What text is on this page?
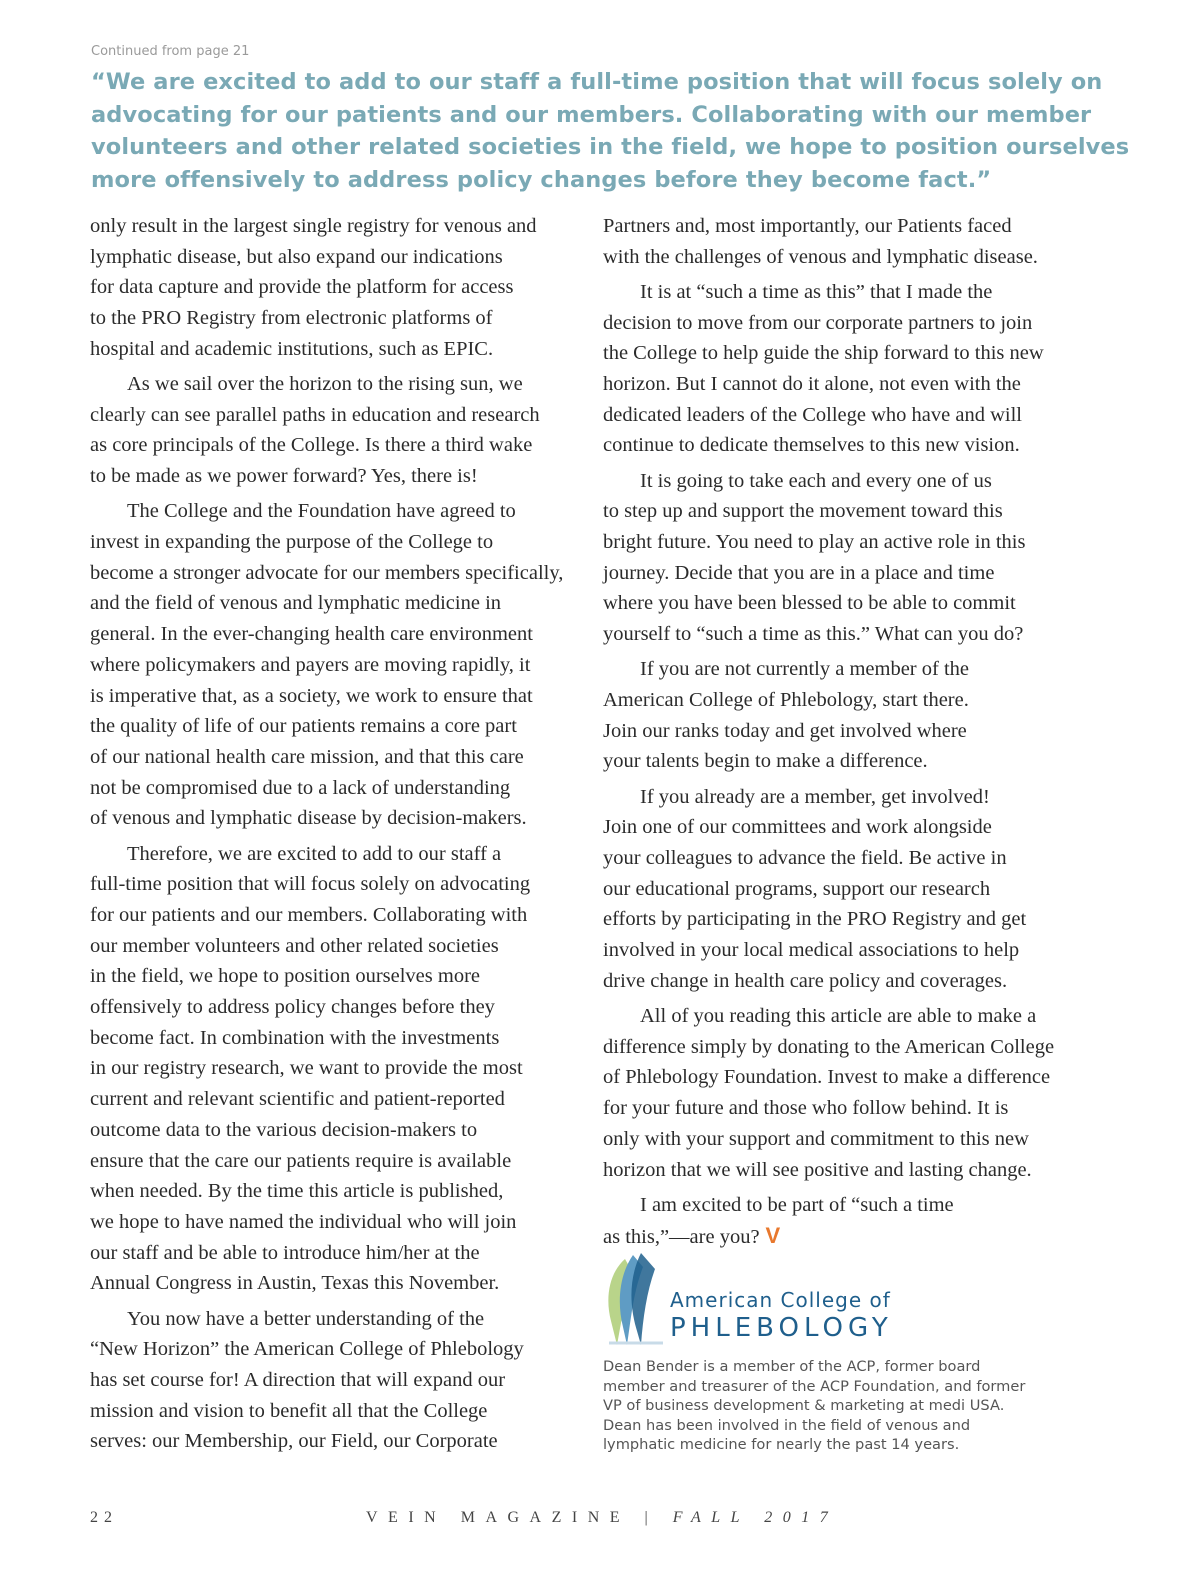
Continued from page 21
“We are excited to add to our staff a full-time position that will focus solely on
advocating for our patients and our members. Collaborating with our member
volunteers and other related societies in the field, we hope to position ourselves
more offensively to address policy changes before they become fact.”
only result in the largest single registry for venous and
lymphatic disease, but also expand our indications
for data capture and provide the platform for access
to the PRO Registry from electronic platforms of
hospital and academic institutions, such as EPIC.
As we sail over the horizon to the rising sun, we
clearly can see parallel paths in education and research
as core principals of the College. Is there a third wake
to be made as we power forward? Yes, there is!
The College and the Foundation have agreed to
invest in expanding the purpose of the College to
become a stronger advocate for our members specifically,
and the field of venous and lymphatic medicine in
general. In the ever-changing health care environment
where policymakers and payers are moving rapidly, it
is imperative that, as a society, we work to ensure that
the quality of life of our patients remains a core part
of our national health care mission, and that this care
not be compromised due to a lack of understanding
of venous and lymphatic disease by decision-makers.
Therefore, we are excited to add to our staff a
full-time position that will focus solely on advocating
for our patients and our members. Collaborating with
our member volunteers and other related societies
in the field, we hope to position ourselves more
offensively to address policy changes before they
become fact. In combination with the investments
in our registry research, we want to provide the most
current and relevant scientific and patient-reported
outcome data to the various decision-makers to
ensure that the care our patients require is available
when needed. By the time this article is published,
we hope to have named the individual who will join
our staff and be able to introduce him/her at the
Annual Congress in Austin, Texas this November.
You now have a better understanding of the
“New Horizon” the American College of Phlebology
has set course for! A direction that will expand our
mission and vision to benefit all that the College
serves: our Membership, our Field, our Corporate
Partners and, most importantly, our Patients faced
with the challenges of venous and lymphatic disease.
It is at “such a time as this” that I made the
decision to move from our corporate partners to join
the College to help guide the ship forward to this new
horizon. But I cannot do it alone, not even with the
dedicated leaders of the College who have and will
continue to dedicate themselves to this new vision.
It is going to take each and every one of us
to step up and support the movement toward this
bright future. You need to play an active role in this
journey. Decide that you are in a place and time
where you have been blessed to be able to commit
yourself to “such a time as this.” What can you do?
If you are not currently a member of the
American College of Phlebology, start there.
Join our ranks today and get involved where
your talents begin to make a difference.
If you already are a member, get involved!
Join one of our committees and work alongside
your colleagues to advance the field. Be active in
our educational programs, support our research
efforts by participating in the PRO Registry and get
involved in your local medical associations to help
drive change in health care policy and coverages.
All of you reading this article are able to make a
difference simply by donating to the American College
of Phlebology Foundation. Invest to make a difference
for your future and those who follow behind. It is
only with your support and commitment to this new
horizon that we will see positive and lasting change.
I am excited to be part of “such a time
as this,”—are you? V
American College of
PHLEBOLOGY
Dean Bender is a member of the ACP, former board
member and treasurer of the ACP Foundation, and former
VP of business development & marketing at medi USA.
Dean has been involved in the field of venous and
lymphatic medicine for nearly the past 14 years.
22	VEIN MAGAZINE | FALL 2017
